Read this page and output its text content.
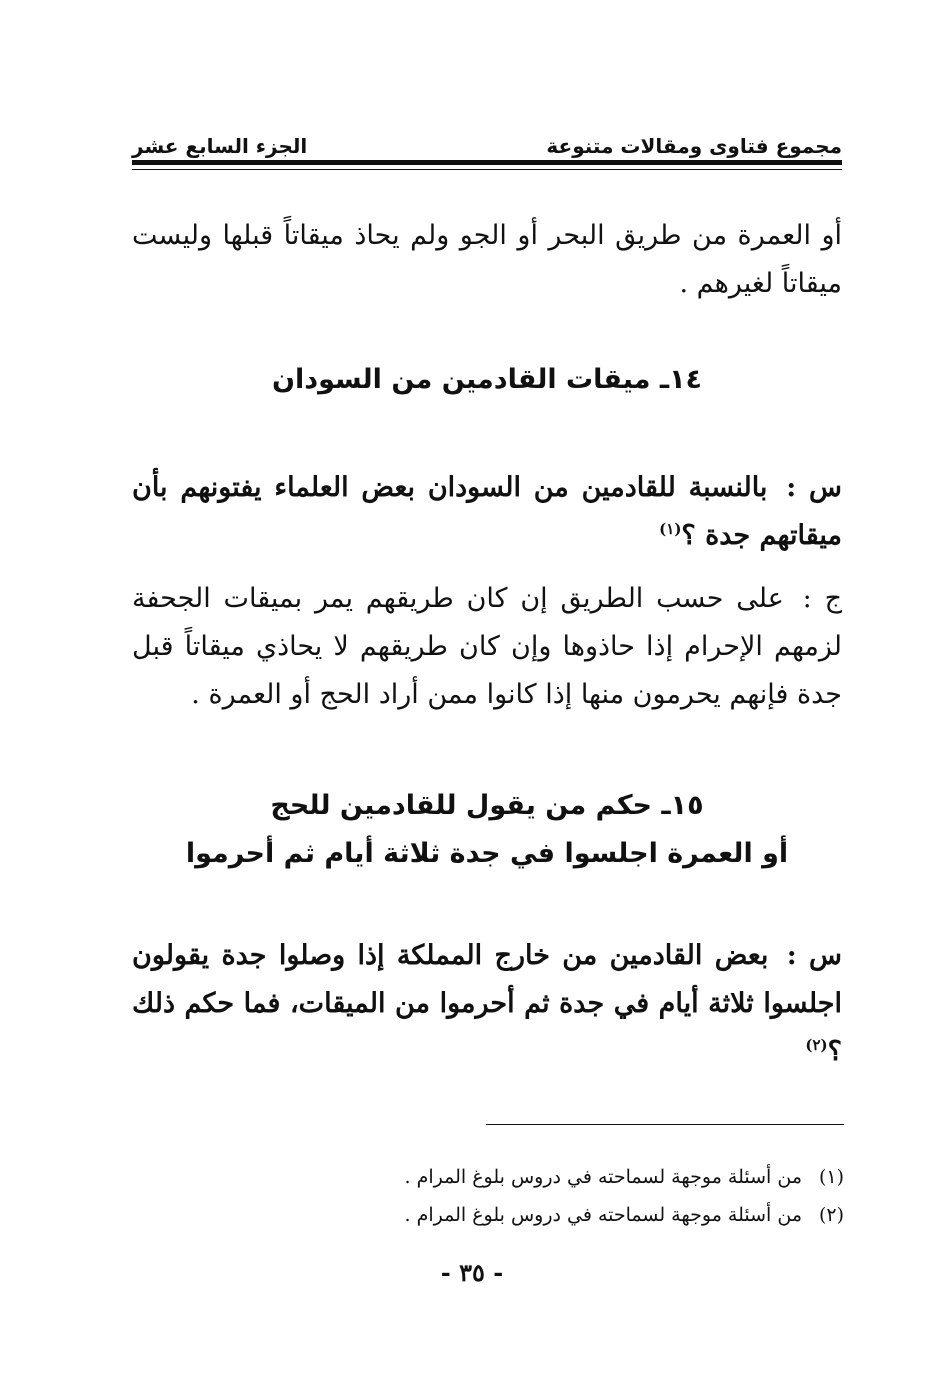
مجموع فتاوى ومقالات متنوعة
الجزء السابع عشر
أو العمرة من طريق البحر أو الجو ولم يحاذ ميقاتاً قبلها وليست ميقاتاً لغيرهم .
١٤ـ ميقات القادمين من السودان
س : بالنسبة للقادمين من السودان بعض العلماء يفتونهم بأن ميقاتهم جدة ؟$^{(١)}$
ج : على حسب الطريق إن كان طريقهم يمر بميقات الجحفة لزمهم الإحرام إذا حاذوها وإن كان طريقهم لا يحاذي ميقاتاً قبل جدة فإنهم يحرمون منها إذا كانوا ممن أراد الحج أو العمرة .
١٥ـ حكم من يقول للقادمين للحج
أو العمرة اجلسوا في جدة ثلاثة أيام ثم أحرموا
س : بعض القادمين من خارج المملكة إذا وصلوا جدة يقولون اجلسوا ثلاثة أيام في جدة ثم أحرموا من الميقات، فما حكم ذلك ؟$^{(٢)}$
(١)من أسئلة موجهة لسماحته في دروس بلوغ المرام .
(٢)من أسئلة موجهة لسماحته في دروس بلوغ المرام .
- ٣٥ -
